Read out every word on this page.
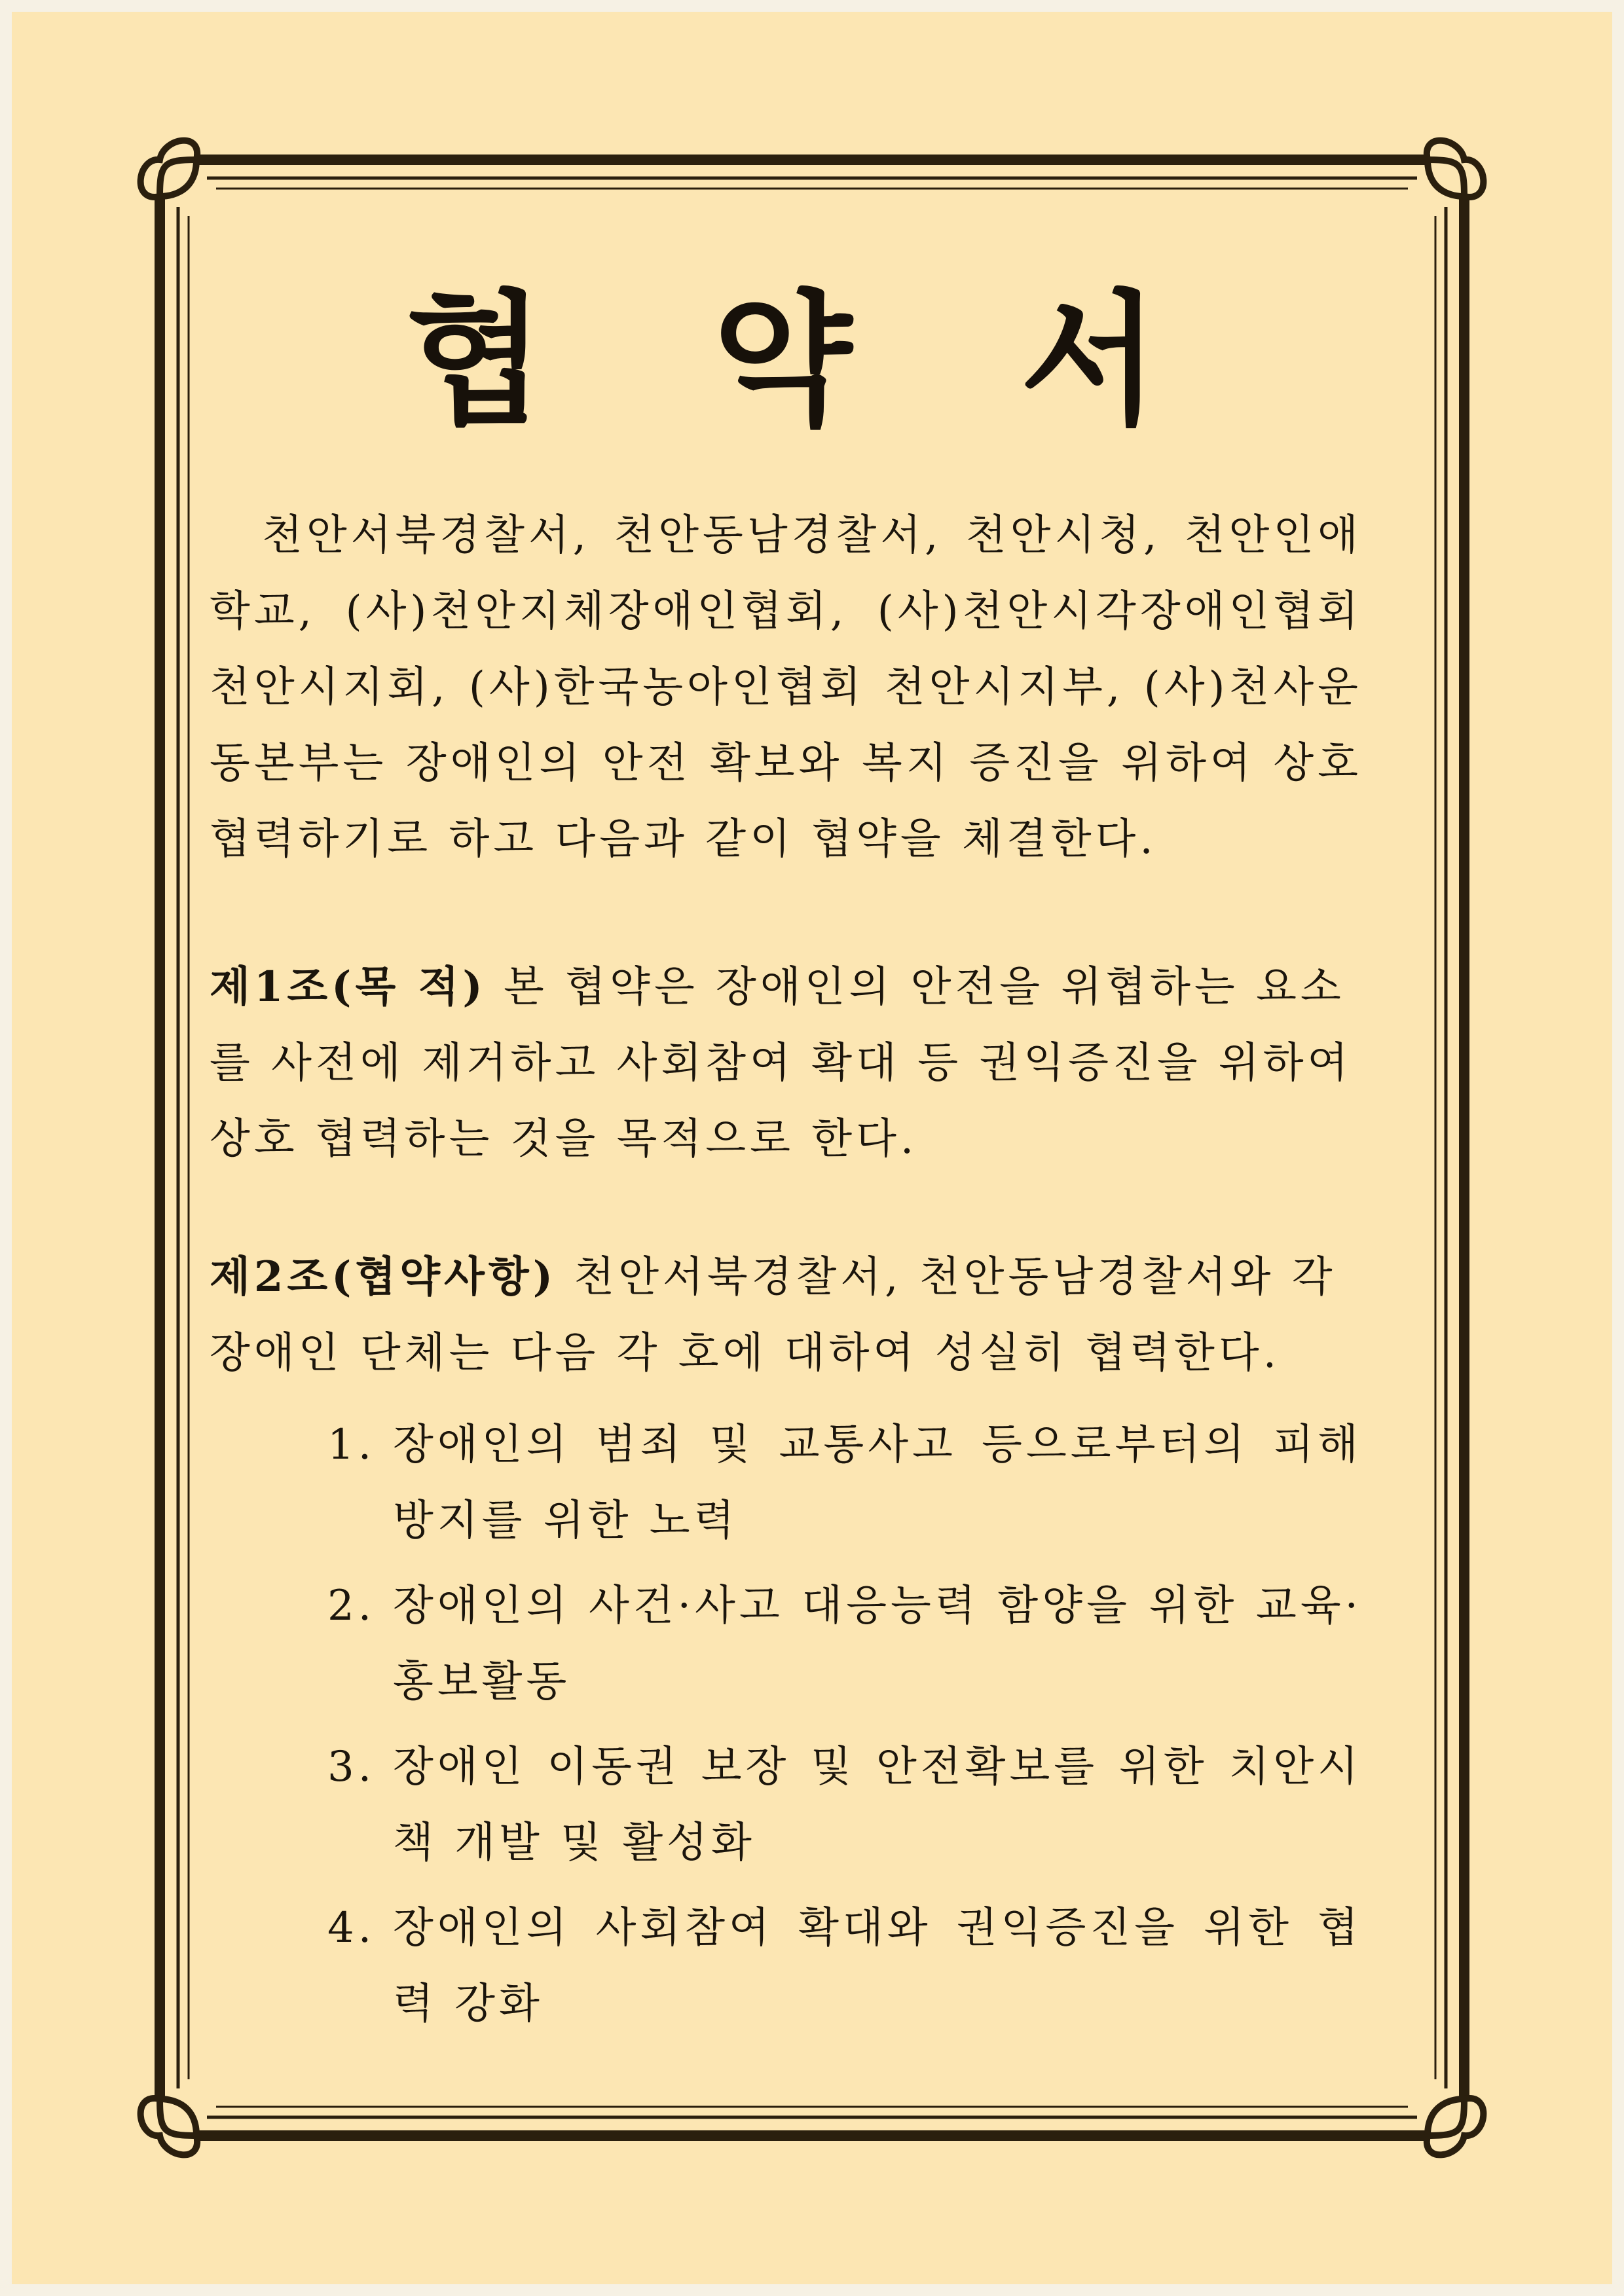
협 약 서

천안서북경찰서, 천안동남경찰서, 천안시청, 천안인애학교, (사)천안지체장애인협회, (사)천안시각장애인협회 천안시지회, (사)한국농아인협회 천안시지부, (사)천사운동본부는 장애인의 안전 확보와 복지 증진을 위하여 상호 협력하기로 하고 다음과 같이 협약을 체결한다.

제1조(목 적) 본 협약은 장애인의 안전을 위협하는 요소를 사전에 제거하고 사회참여 확대 등 권익증진을 위하여 상호 협력하는 것을 목적으로 한다.
제2조(협약사항) 천안서북경찰서, 천안동남경찰서와 각 장애인 단체는 다음 각 호에 대하여 성실히 협력한다.
1. 장애인의 범죄 및 교통사고 등으로부터의 피해 방지를 위한 노력
2. 장애인의 사건·사고 대응능력 함양을 위한 교육·홍보활동
3. 장애인 이동권 보장 및 안전확보를 위한 치안시책 개발 및 활성화
4. 장애인의 사회참여 확대와 권익증진을 위한 협력 강화
